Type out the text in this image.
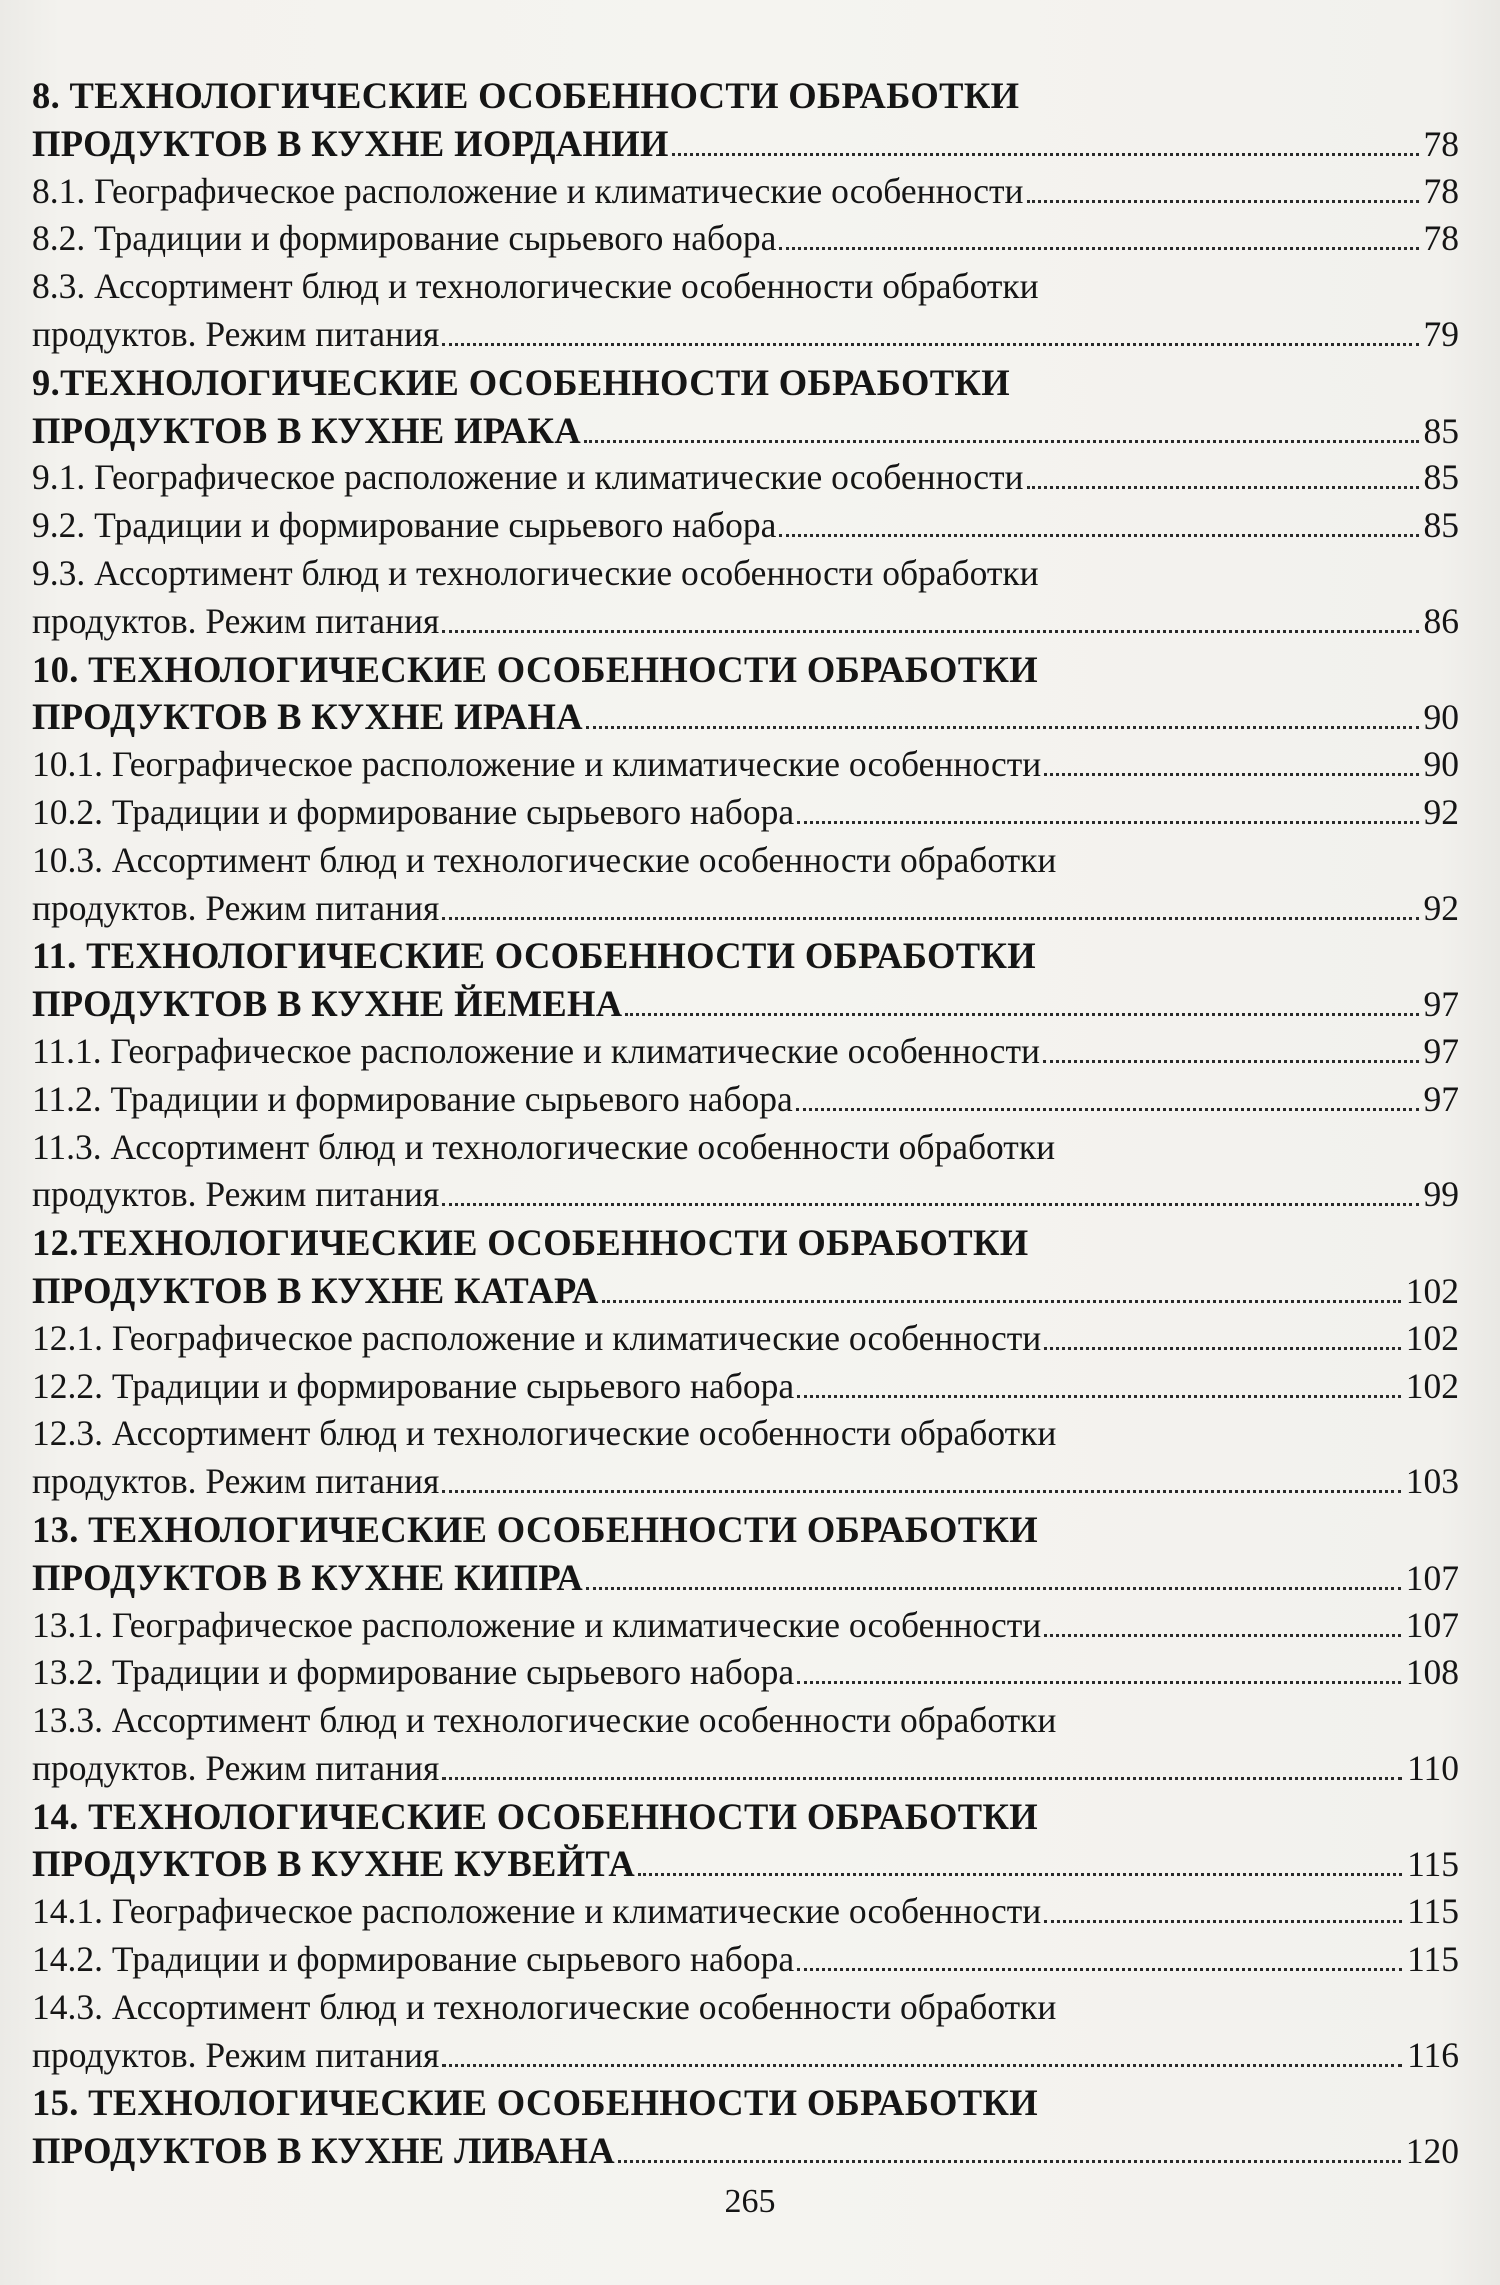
8. ТЕХНОЛОГИЧЕСКИЕ ОСОБЕННОСТИ ОБРАБОТКИ
ПРОДУКТОВ В КУХНЕ ИОРДАНИИ	78
8.1. Географическое расположение и климатические особенности	78
8.2. Традиции и формирование сырьевого набора	78
8.3. Ассортимент блюд и технологические особенности обработки
продуктов. Режим питания	79
9.ТЕХНОЛОГИЧЕСКИЕ ОСОБЕННОСТИ ОБРАБОТКИ
ПРОДУКТОВ В КУХНЕ ИРАКА	85
9.1. Географическое расположение и климатические особенности	85
9.2. Традиции и формирование сырьевого набора	85
9.3. Ассортимент блюд и технологические особенности обработки
продуктов. Режим питания	86
10. ТЕХНОЛОГИЧЕСКИЕ ОСОБЕННОСТИ ОБРАБОТКИ
ПРОДУКТОВ В КУХНЕ ИРАНА	90
10.1. Географическое расположение и климатические особенности	90
10.2. Традиции и формирование сырьевого набора	92
10.3. Ассортимент блюд и технологические особенности обработки
продуктов. Режим питания	92
11. ТЕХНОЛОГИЧЕСКИЕ ОСОБЕННОСТИ ОБРАБОТКИ
ПРОДУКТОВ В КУХНЕ ЙЕМЕНА	97
11.1. Географическое расположение и климатические особенности	97
11.2. Традиции и формирование сырьевого набора	97
11.3. Ассортимент блюд и технологические особенности обработки
продуктов. Режим питания	99
12.ТЕХНОЛОГИЧЕСКИЕ ОСОБЕННОСТИ ОБРАБОТКИ
ПРОДУКТОВ В КУХНЕ КАТАРА	102
12.1. Географическое расположение и климатические особенности	102
12.2. Традиции и формирование сырьевого набора	102
12.3. Ассортимент блюд и технологические особенности обработки
продуктов. Режим питания	103
13. ТЕХНОЛОГИЧЕСКИЕ ОСОБЕННОСТИ ОБРАБОТКИ
ПРОДУКТОВ В КУХНЕ КИПРА	107
13.1. Географическое расположение и климатические особенности	107
13.2. Традиции и формирование сырьевого набора	108
13.3. Ассортимент блюд и технологические особенности обработки
продуктов. Режим питания	110
14. ТЕХНОЛОГИЧЕСКИЕ ОСОБЕННОСТИ ОБРАБОТКИ
ПРОДУКТОВ В КУХНЕ КУВЕЙТА	115
14.1. Географическое расположение и климатические особенности	115
14.2. Традиции и формирование сырьевого набора	115
14.3. Ассортимент блюд и технологические особенности обработки
продуктов. Режим питания	116
15. ТЕХНОЛОГИЧЕСКИЕ ОСОБЕННОСТИ ОБРАБОТКИ
ПРОДУКТОВ В КУХНЕ ЛИВАНА	120
265
